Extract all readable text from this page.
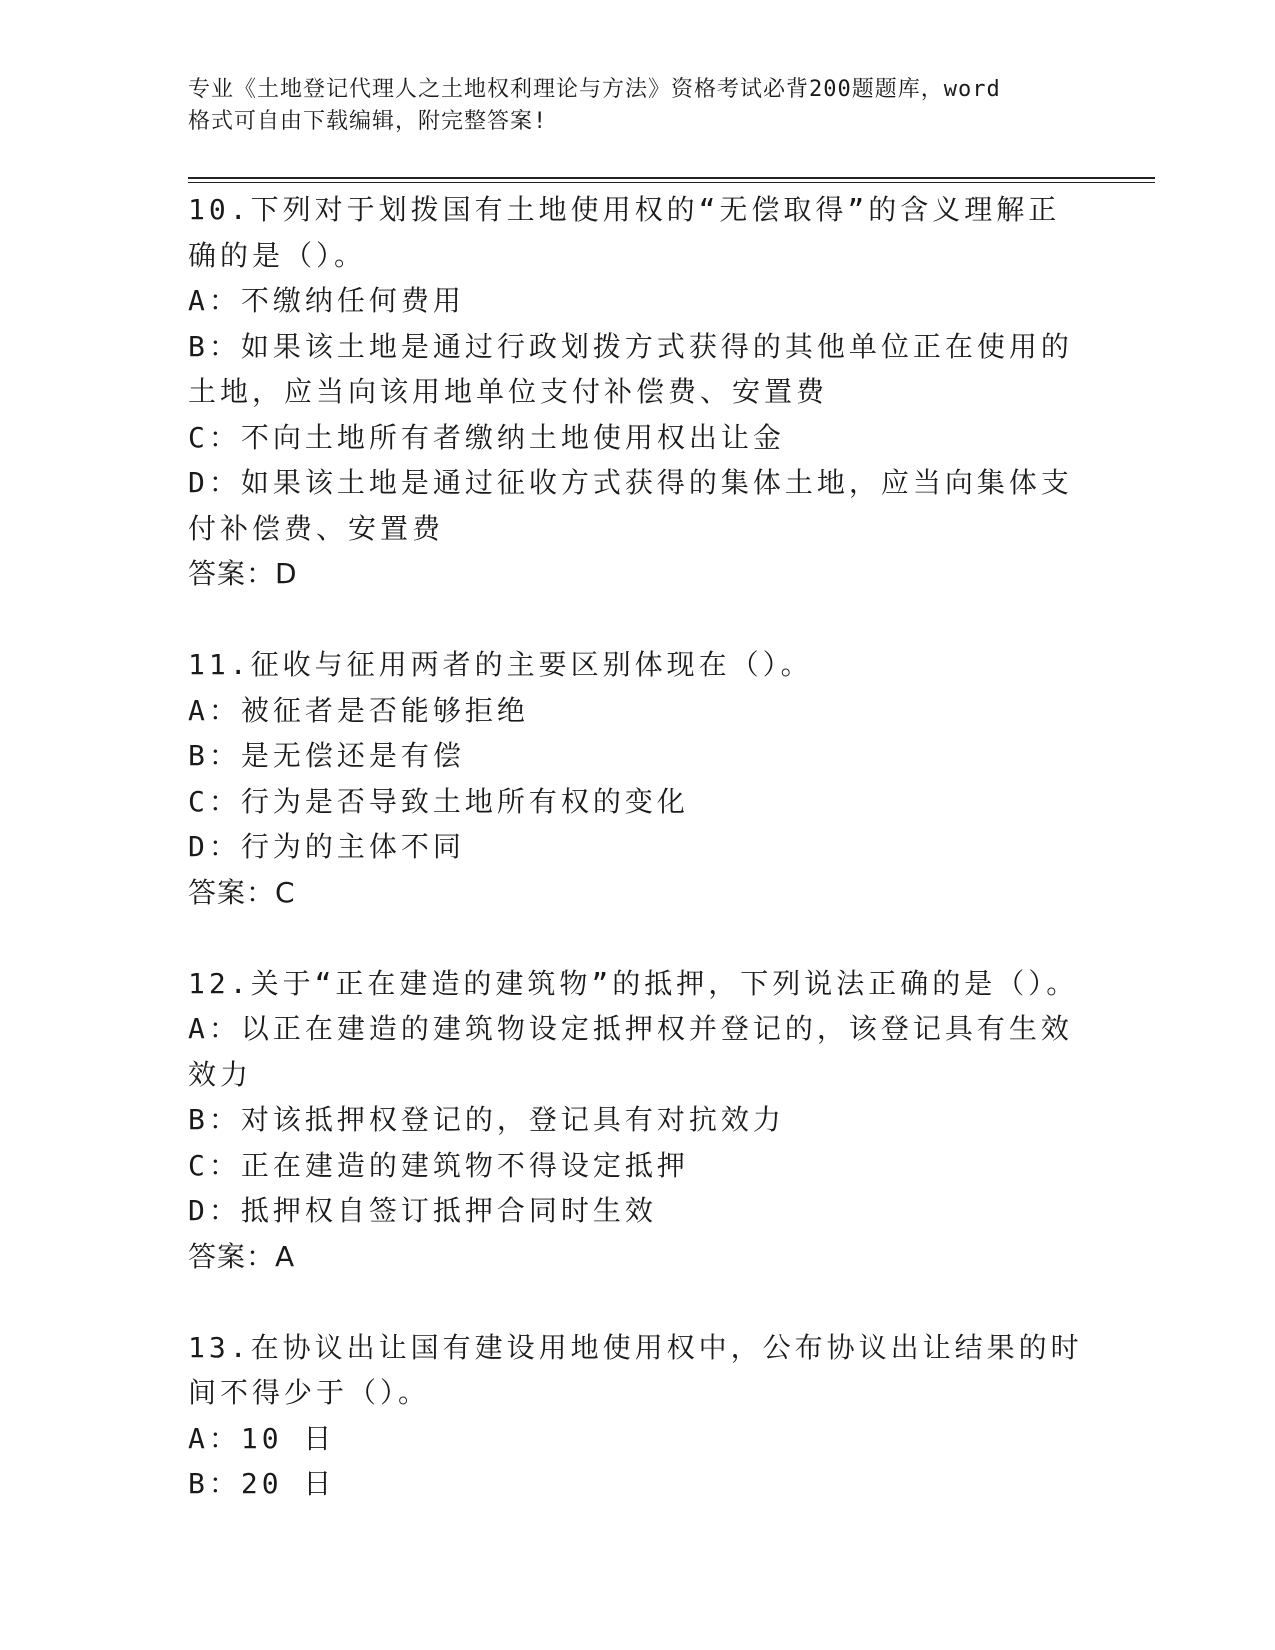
专业《土地登记代理人之土地权利理论与方法》资格考试必背200题题库，word
格式可自由下载编辑，附完整答案!

10.下列对于划拨国有土地使用权的“无偿取得”的含义理解正确的是（）。

A：不缴纳任何费用

B：如果该土地是通过行政划拨方式获得的其他单位正在使用的土地，应当向该用地单位支付补偿费、安置费

C：不向土地所有者缴纳土地使用权出让金

D：如果该土地是通过征收方式获得的集体土地，应当向集体支付补偿费、安置费

答案：D

11.征收与征用两者的主要区别体现在（）。

A：被征者是否能够拒绝

B：是无偿还是有偿

C：行为是否导致土地所有权的变化

D：行为的主体不同

答案：C

12.关于“正在建造的建筑物”的抵押，下列说法正确的是（）。

A：以正在建造的建筑物设定抵押权并登记的，该登记具有生效效力

B：对该抵押权登记的，登记具有对抗效力

C：正在建造的建筑物不得设定抵押

D：抵押权自签订抵押合同时生效

答案：A

13.在协议出让国有建设用地使用权中，公布协议出让结果的时间不得少于（）。

A：10 日

B：20 日
